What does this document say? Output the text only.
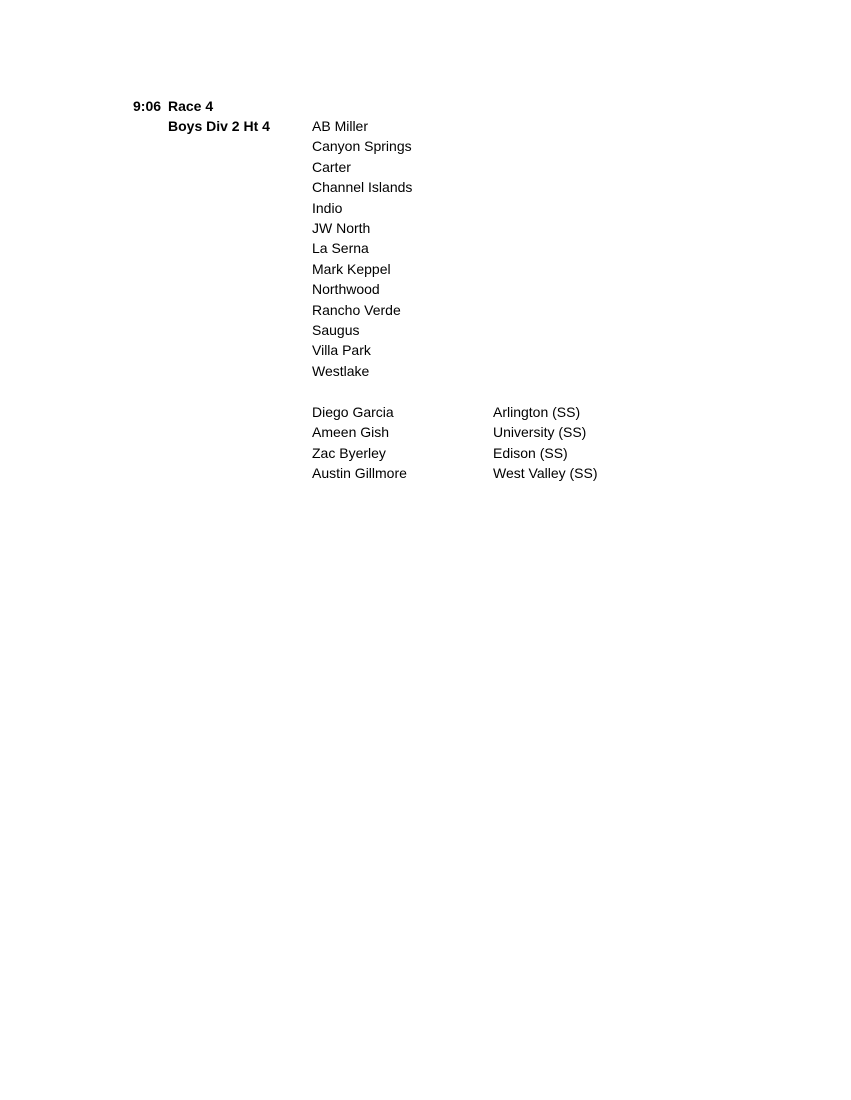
9:06 Race 4
Boys Div 2 Ht 4	AB Miller
Canyon Springs
Carter
Channel Islands
Indio
JW North
La Serna
Mark Keppel
Northwood
Rancho Verde
Saugus
Villa Park
Westlake
Diego Garcia	Arlington (SS)
Ameen Gish	University (SS)
Zac Byerley	Edison (SS)
Austin Gillmore	West Valley (SS)
